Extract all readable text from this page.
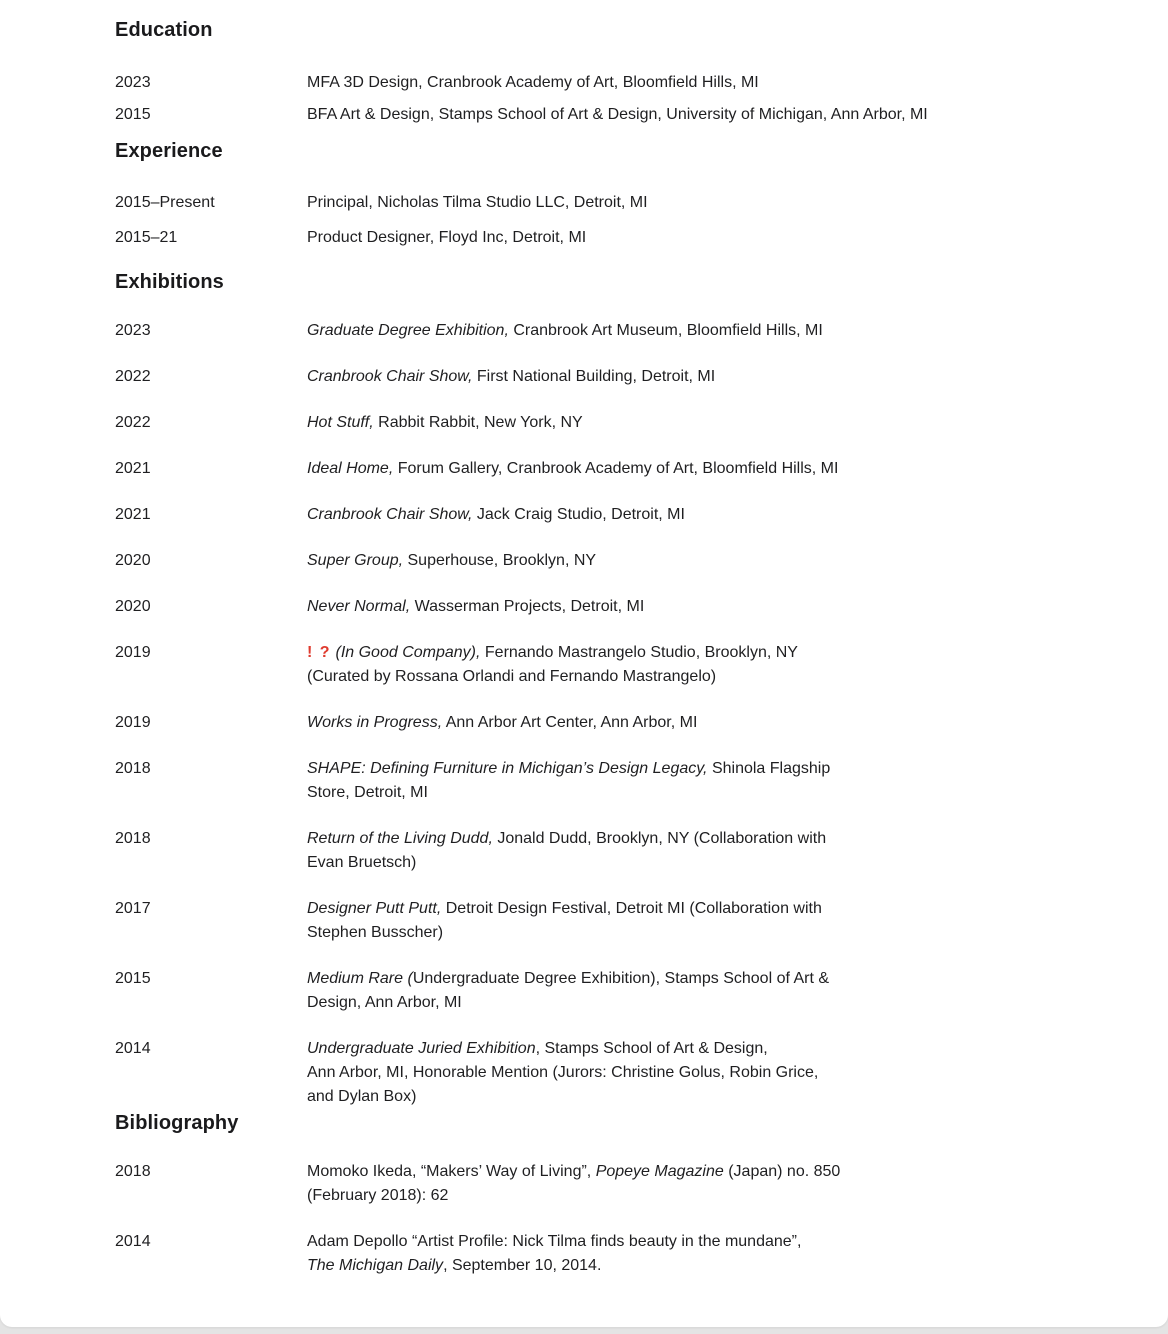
Education
2023	MFA 3D Design, Cranbrook Academy of Art, Bloomfield Hills, MI
2015	BFA Art & Design, Stamps School of Art & Design, University of Michigan, Ann Arbor, MI
Experience
2015–Present	Principal, Nicholas Tilma Studio LLC, Detroit, MI
2015–21	Product Designer, Floyd Inc, Detroit, MI
Exhibitions
2023	Graduate Degree Exhibition, Cranbrook Art Museum, Bloomfield Hills, MI
2022	Cranbrook Chair Show, First National Building, Detroit, MI
2022	Hot Stuff, Rabbit Rabbit, New York, NY
2021	Ideal Home, Forum Gallery, Cranbrook Academy of Art, Bloomfield Hills, MI
2021	Cranbrook Chair Show, Jack Craig Studio, Detroit, MI
2020	Super Group, Superhouse, Brooklyn, NY
2020	Never Normal, Wasserman Projects, Detroit, MI
2019	! ? (In Good Company), Fernando Mastrangelo Studio, Brooklyn, NY
(Curated by Rossana Orlandi and Fernando Mastrangelo)
2019	Works in Progress, Ann Arbor Art Center, Ann Arbor, MI
2018	SHAPE: Defining Furniture in Michigan’s Design Legacy, Shinola Flagship
Store, Detroit, MI
2018	Return of the Living Dudd, Jonald Dudd, Brooklyn, NY (Collaboration with
Evan Bruetsch)
2017	Designer Putt Putt, Detroit Design Festival, Detroit MI (Collaboration with
Stephen Busscher)
2015	Medium Rare (Undergraduate Degree Exhibition), Stamps School of Art &
Design, Ann Arbor, MI
2014	Undergraduate Juried Exhibition, Stamps School of Art & Design,
Ann Arbor, MI, Honorable Mention (Jurors: Christine Golus, Robin Grice,
and Dylan Box)
Bibliography
2018	Momoko Ikeda, “Makers’ Way of Living”, Popeye Magazine (Japan) no. 850
(February 2018): 62
2014	Adam Depollo “Artist Profile: Nick Tilma finds beauty in the mundane”,
The Michigan Daily, September 10, 2014.
